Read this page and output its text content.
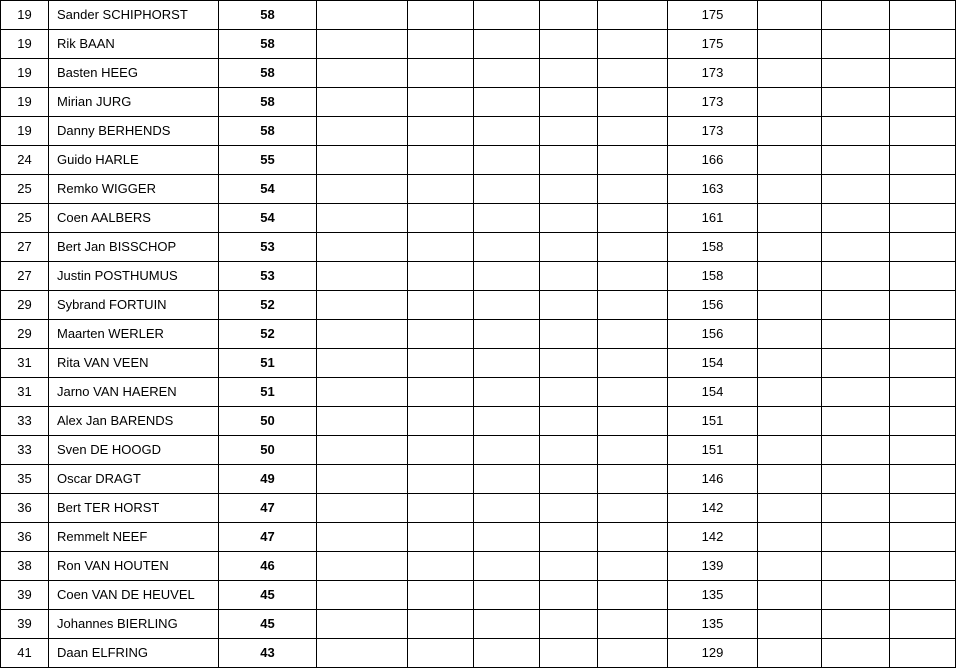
19	Sander SCHIPHORST	58						175			
19	Rik BAAN	58						175			
19	Basten HEEG	58						173			
19	Mirian JURG	58						173			
19	Danny BERHENDS	58						173			
24	Guido HARLE	55						166			
25	Remko WIGGER	54						163			
25	Coen AALBERS	54						161			
27	Bert Jan BISSCHOP	53						158			
27	Justin POSTHUMUS	53						158			
29	Sybrand FORTUIN	52						156			
29	Maarten WERLER	52						156			
31	Rita VAN VEEN	51						154			
31	Jarno VAN HAEREN	51						154			
33	Alex Jan BARENDS	50						151			
33	Sven DE HOOGD	50						151			
35	Oscar DRAGT	49						146			
36	Bert TER HORST	47						142			
36	Remmelt NEEF	47						142			
38	Ron VAN HOUTEN	46						139			
39	Coen VAN DE HEUVEL	45						135			
39	Johannes BIERLING	45						135			
41	Daan ELFRING	43						129			
